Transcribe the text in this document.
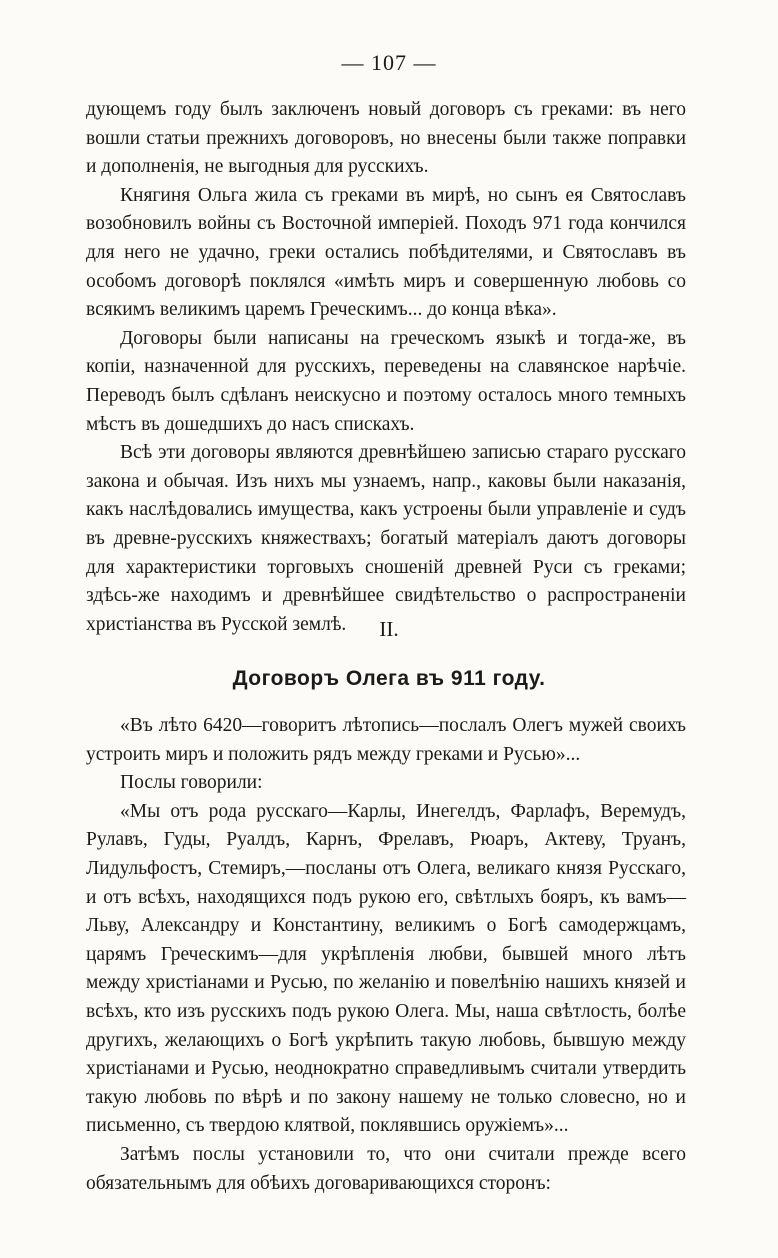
— 107 —

дующемъ году былъ заключенъ новый договоръ съ греками: въ него вошли статьи прежнихъ договоровъ, но внесены были также поправки и дополненія, не выгодныя для русскихъ.

Княгиня Ольга жила съ греками въ мирѣ, но сынъ ея Святославъ возобновилъ войны съ Восточной имперіей. Походъ 971 года кончился для него не удачно, греки остались побѣдителями, и Святославъ въ особомъ договорѣ поклялся «имѣть миръ и совершенную любовь со всякимъ великимъ царемъ Греческимъ... до конца вѣка».

Договоры были написаны на греческомъ языкѣ и тогда-же, въ копіи, назначенной для русскихъ, переведены на славянское нарѣчіе. Переводъ былъ сдѣланъ неискусно и поэтому осталось много темныхъ мѣстъ въ дошедшихъ до насъ спискахъ.

Всѣ эти договоры являются древнѣйшею записью стараго русскаго закона и обычая. Изъ нихъ мы узнаемъ, напр., каковы были наказанія, какъ наслѣдовались имущества, какъ устроены были управленіе и судъ въ древне-русскихъ княжествахъ; богатый матеріалъ даютъ договоры для характеристики торговыхъ сношеній древней Руси съ греками; здѣсь-же находимъ и древнѣйшее свидѣтельство о распространеніи христіанства въ Русской землѣ.	II.
Договоръ Олега въ 911 году.

«Въ лѣто 6420—говоритъ лѣтопись—послалъ Олегъ мужей своихъ устроить миръ и положить рядъ между греками и Русью»...

Послы говорили:

«Мы отъ рода русскаго—Карлы, Инегелдъ, Фарлафъ, Веремудъ, Рулавъ, Гуды, Руалдъ, Карнъ, Фрелавъ, Рюаръ, Актеву, Труанъ, Лидульфостъ, Стемиръ,—посланы отъ Олега, великаго князя Русскаго, и отъ всѣхъ, находящихся подъ рукою его, свѣтлыхъ бояръ, къ вамъ—Льву, Александру и Константину, великимъ о Богѣ самодержцамъ, царямъ Греческимъ—для укрѣпленія любви, бывшей много лѣтъ между христіанами и Русью, по желанію и повелѣнію нашихъ князей и всѣхъ, кто изъ русскихъ подъ рукою Олега. Мы, наша свѣтлость, болѣе другихъ, желающихъ о Богѣ укрѣпить такую любовь, бывшую между христіанами и Русью, неоднократно справедливымъ считали утвердить такую любовь по вѣрѣ и по закону нашему не только словесно, но и письменно, съ твердою клятвой, поклявшись оружіемъ»...

Затѣмъ послы установили то, что они считали прежде всего обязательнымъ для обѣихъ договаривающихся сторонъ:
